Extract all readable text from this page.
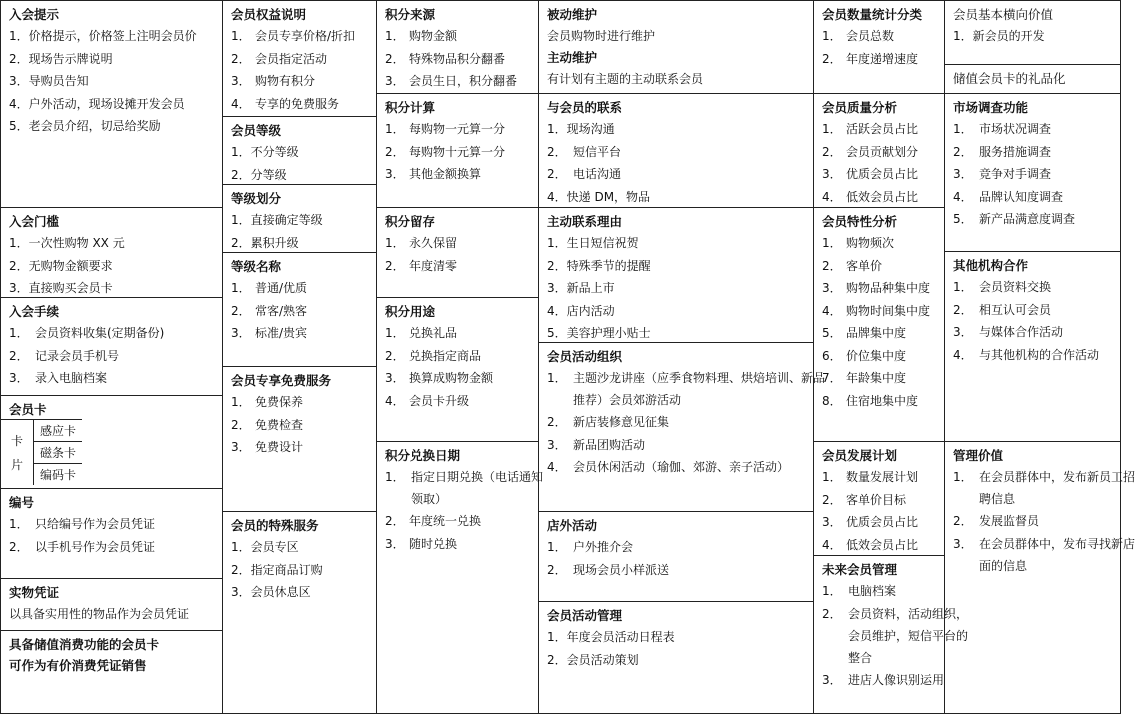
入会提示
1．价格提示，价格签上注明会员价
2．现场告示牌说明
3．导购员告知
4．户外活动，现场设摊开发会员
5．老会员介绍，切忌给奖励
入会门槛
1．一次性购物 XX 元
2．无购物金额要求
3．直接购买会员卡
入会手续
1． 会员资料收集(定期备份)
2． 记录会员手机号
3． 录入电脑档案
会员卡
卡片	感应卡
磁条卡
编码卡
编号
1． 只给编号作为会员凭证
2． 以手机号作为会员凭证
实物凭证
以具备实用性的物品作为会员凭证
具备储值消费功能的会员卡
可作为有价消费凭证销售
会员权益说明
1． 会员专享价格/折扣
2． 会员指定活动
3． 购物有积分
4． 专享的免费服务
会员等级
1．不分等级
2．分等级
等级划分
1．直接确定等级
2．累积升级
等级名称
1． 普通/优质
2． 常客/熟客
3． 标准/贵宾
会员专享免费服务
1． 免费保养
2． 免费检查
3． 免费设计
会员的特殊服务
1．会员专区
2．指定商品订购
3．会员休息区
积分来源
1． 购物金额
2． 特殊物品积分翻番
3． 会员生日，积分翻番
积分计算
1． 每购物一元算一分
2． 每购物十元算一分
3． 其他金额换算
积分留存
1． 永久保留
2． 年度清零
积分用途
1． 兑换礼品
2． 兑换指定商品
3． 换算成购物金额
4． 会员卡升级
积分兑换日期
1． 指定日期兑换（电话通知领取）
2． 年度统一兑换
3． 随时兑换
被动维护
会员购物时进行维护
主动维护
有计划有主题的主动联系会员
与会员的联系
1．现场沟通
2． 短信平台
2． 电话沟通
4．快递 DM，物品
主动联系理由
1．生日短信祝贺
2．特殊季节的提醒
3．新品上市
4．店内活动
5．美容护理小贴士
会员活动组织
1． 主题沙龙讲座（应季食物料理、烘焙培训、新品推荐）会员郊游活动
2． 新店装修意见征集
3． 新品团购活动
4． 会员休闲活动（瑜伽、郊游、亲子活动）
店外活动
1． 户外推介会
2． 现场会员小样派送
会员活动管理
1．年度会员活动日程表
2．会员活动策划
会员数量统计分类
1． 会员总数
2． 年度递增速度
会员质量分析
1． 活跃会员占比
2． 会员贡献划分
3． 优质会员占比
4． 低效会员占比
会员特性分析
1． 购物频次
2． 客单价
3． 购物品种集中度
4． 购物时间集中度
5． 品牌集中度
6． 价位集中度
7． 年龄集中度
8． 住宿地集中度
会员发展计划
1． 数量发展计划
2． 客单价目标
3． 优质会员占比
4． 低效会员占比
未来会员管理
1． 电脑档案
2． 会员资料，活动组织，会员维护，短信平台的整合
3． 进店人像识别运用
会员基本横向价值
1．新会员的开发
储值会员卡的礼品化
市场调查功能
1． 市场状况调查
2． 服务措施调查
3． 竞争对手调查
4． 品牌认知度调查
5． 新产品满意度调查
其他机构合作
1． 会员资料交换
2． 相互认可会员
3． 与媒体合作活动
4． 与其他机构的合作活动
管理价值
1． 在会员群体中，发布新员工招聘信息
2． 发展监督员
3． 在会员群体中，发布寻找新店面的信息
